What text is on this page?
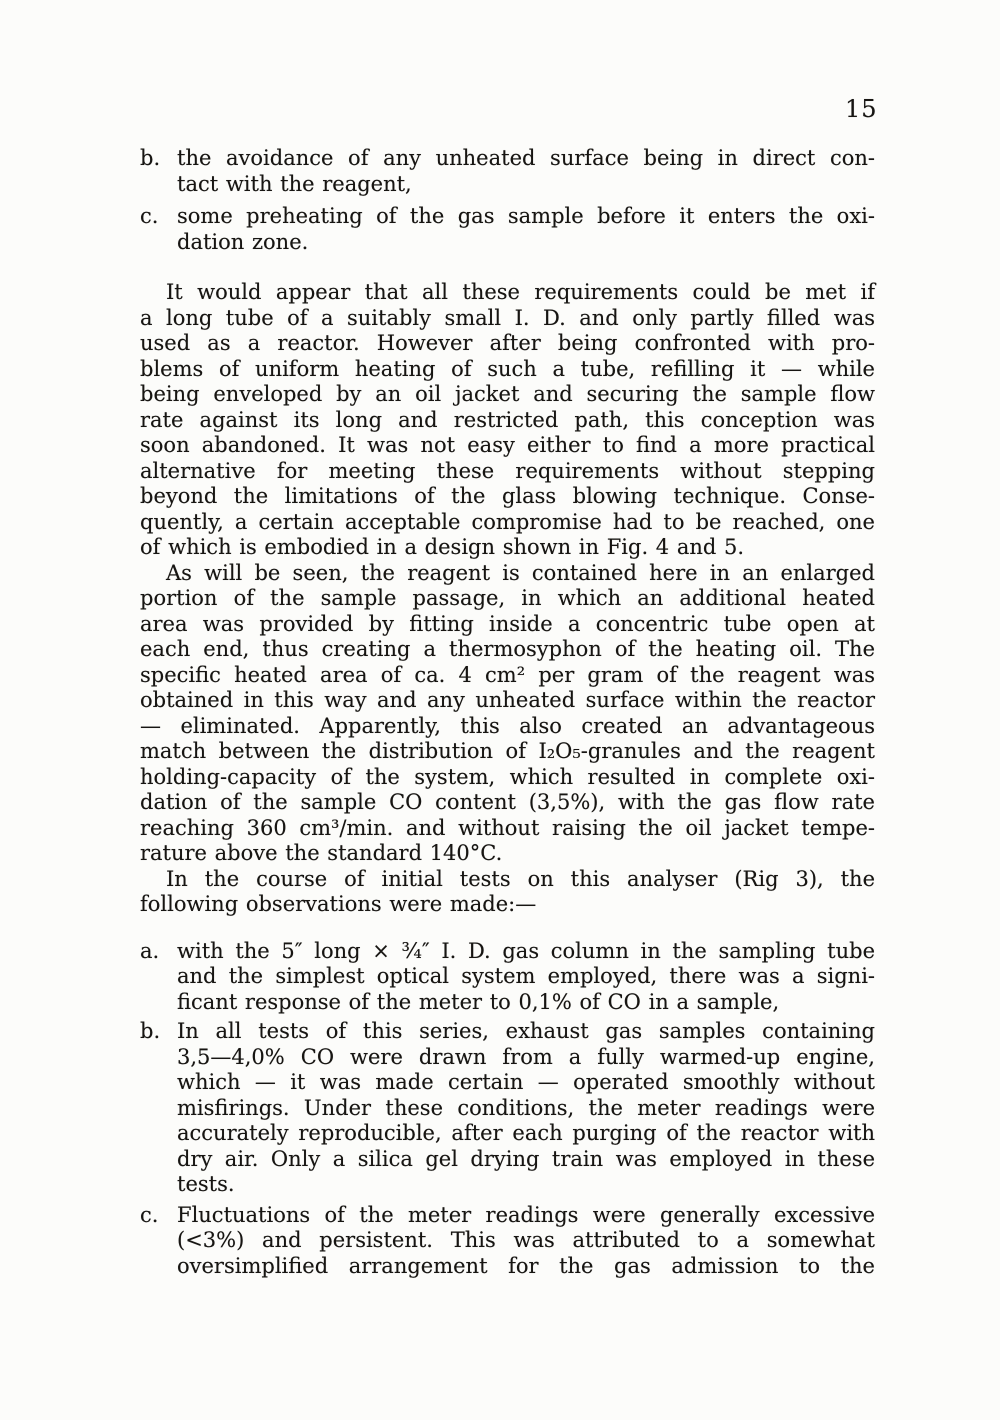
15
b. the avoidance of any unheated surface being in direct con-
tact with the reagent,
c. some preheating of the gas sample before it enters the oxi-
dation zone.
It would appear that all these requirements could be met if
a long tube of a suitably small I. D. and only partly filled was
used as a reactor. However after being confronted with pro-
blems of uniform heating of such a tube, refilling it — while
being enveloped by an oil jacket and securing the sample flow
rate against its long and restricted path, this conception was
soon abandoned. It was not easy either to find a more practical
alternative for meeting these requirements without stepping
beyond the limitations of the glass blowing technique. Conse-
quently, a certain acceptable compromise had to be reached, one
of which is embodied in a design shown in Fig. 4 and 5.
As will be seen, the reagent is contained here in an enlarged
portion of the sample passage, in which an additional heated
area was provided by fitting inside a concentric tube open at
each end, thus creating a thermosyphon of the heating oil. The
specific heated area of ca. 4 cm² per gram of the reagent was
obtained in this way and any unheated surface within the reactor
— eliminated. Apparently, this also created an advantageous
match between the distribution of I₂O₅-granules and the reagent
holding-capacity of the system, which resulted in complete oxi-
dation of the sample CO content (3,5%), with the gas flow rate
reaching 360 cm³/min. and without raising the oil jacket tempe-
rature above the standard 140°C.
In the course of initial tests on this analyser (Rig 3), the
following observations were made:—
a. with the 5″ long × ¾″ I. D. gas column in the sampling tube
and the simplest optical system employed, there was a signi-
ficant response of the meter to 0,1% of CO in a sample,
b. In all tests of this series, exhaust gas samples containing
3,5—4,0% CO were drawn from a fully warmed-up engine,
which — it was made certain — operated smoothly without
misfirings. Under these conditions, the meter readings were
accurately reproducible, after each purging of the reactor with
dry air. Only a silica gel drying train was employed in these
tests.
c. Fluctuations of the meter readings were generally excessive
(<3%) and persistent. This was attributed to a somewhat
oversimplified arrangement for the gas admission to the
